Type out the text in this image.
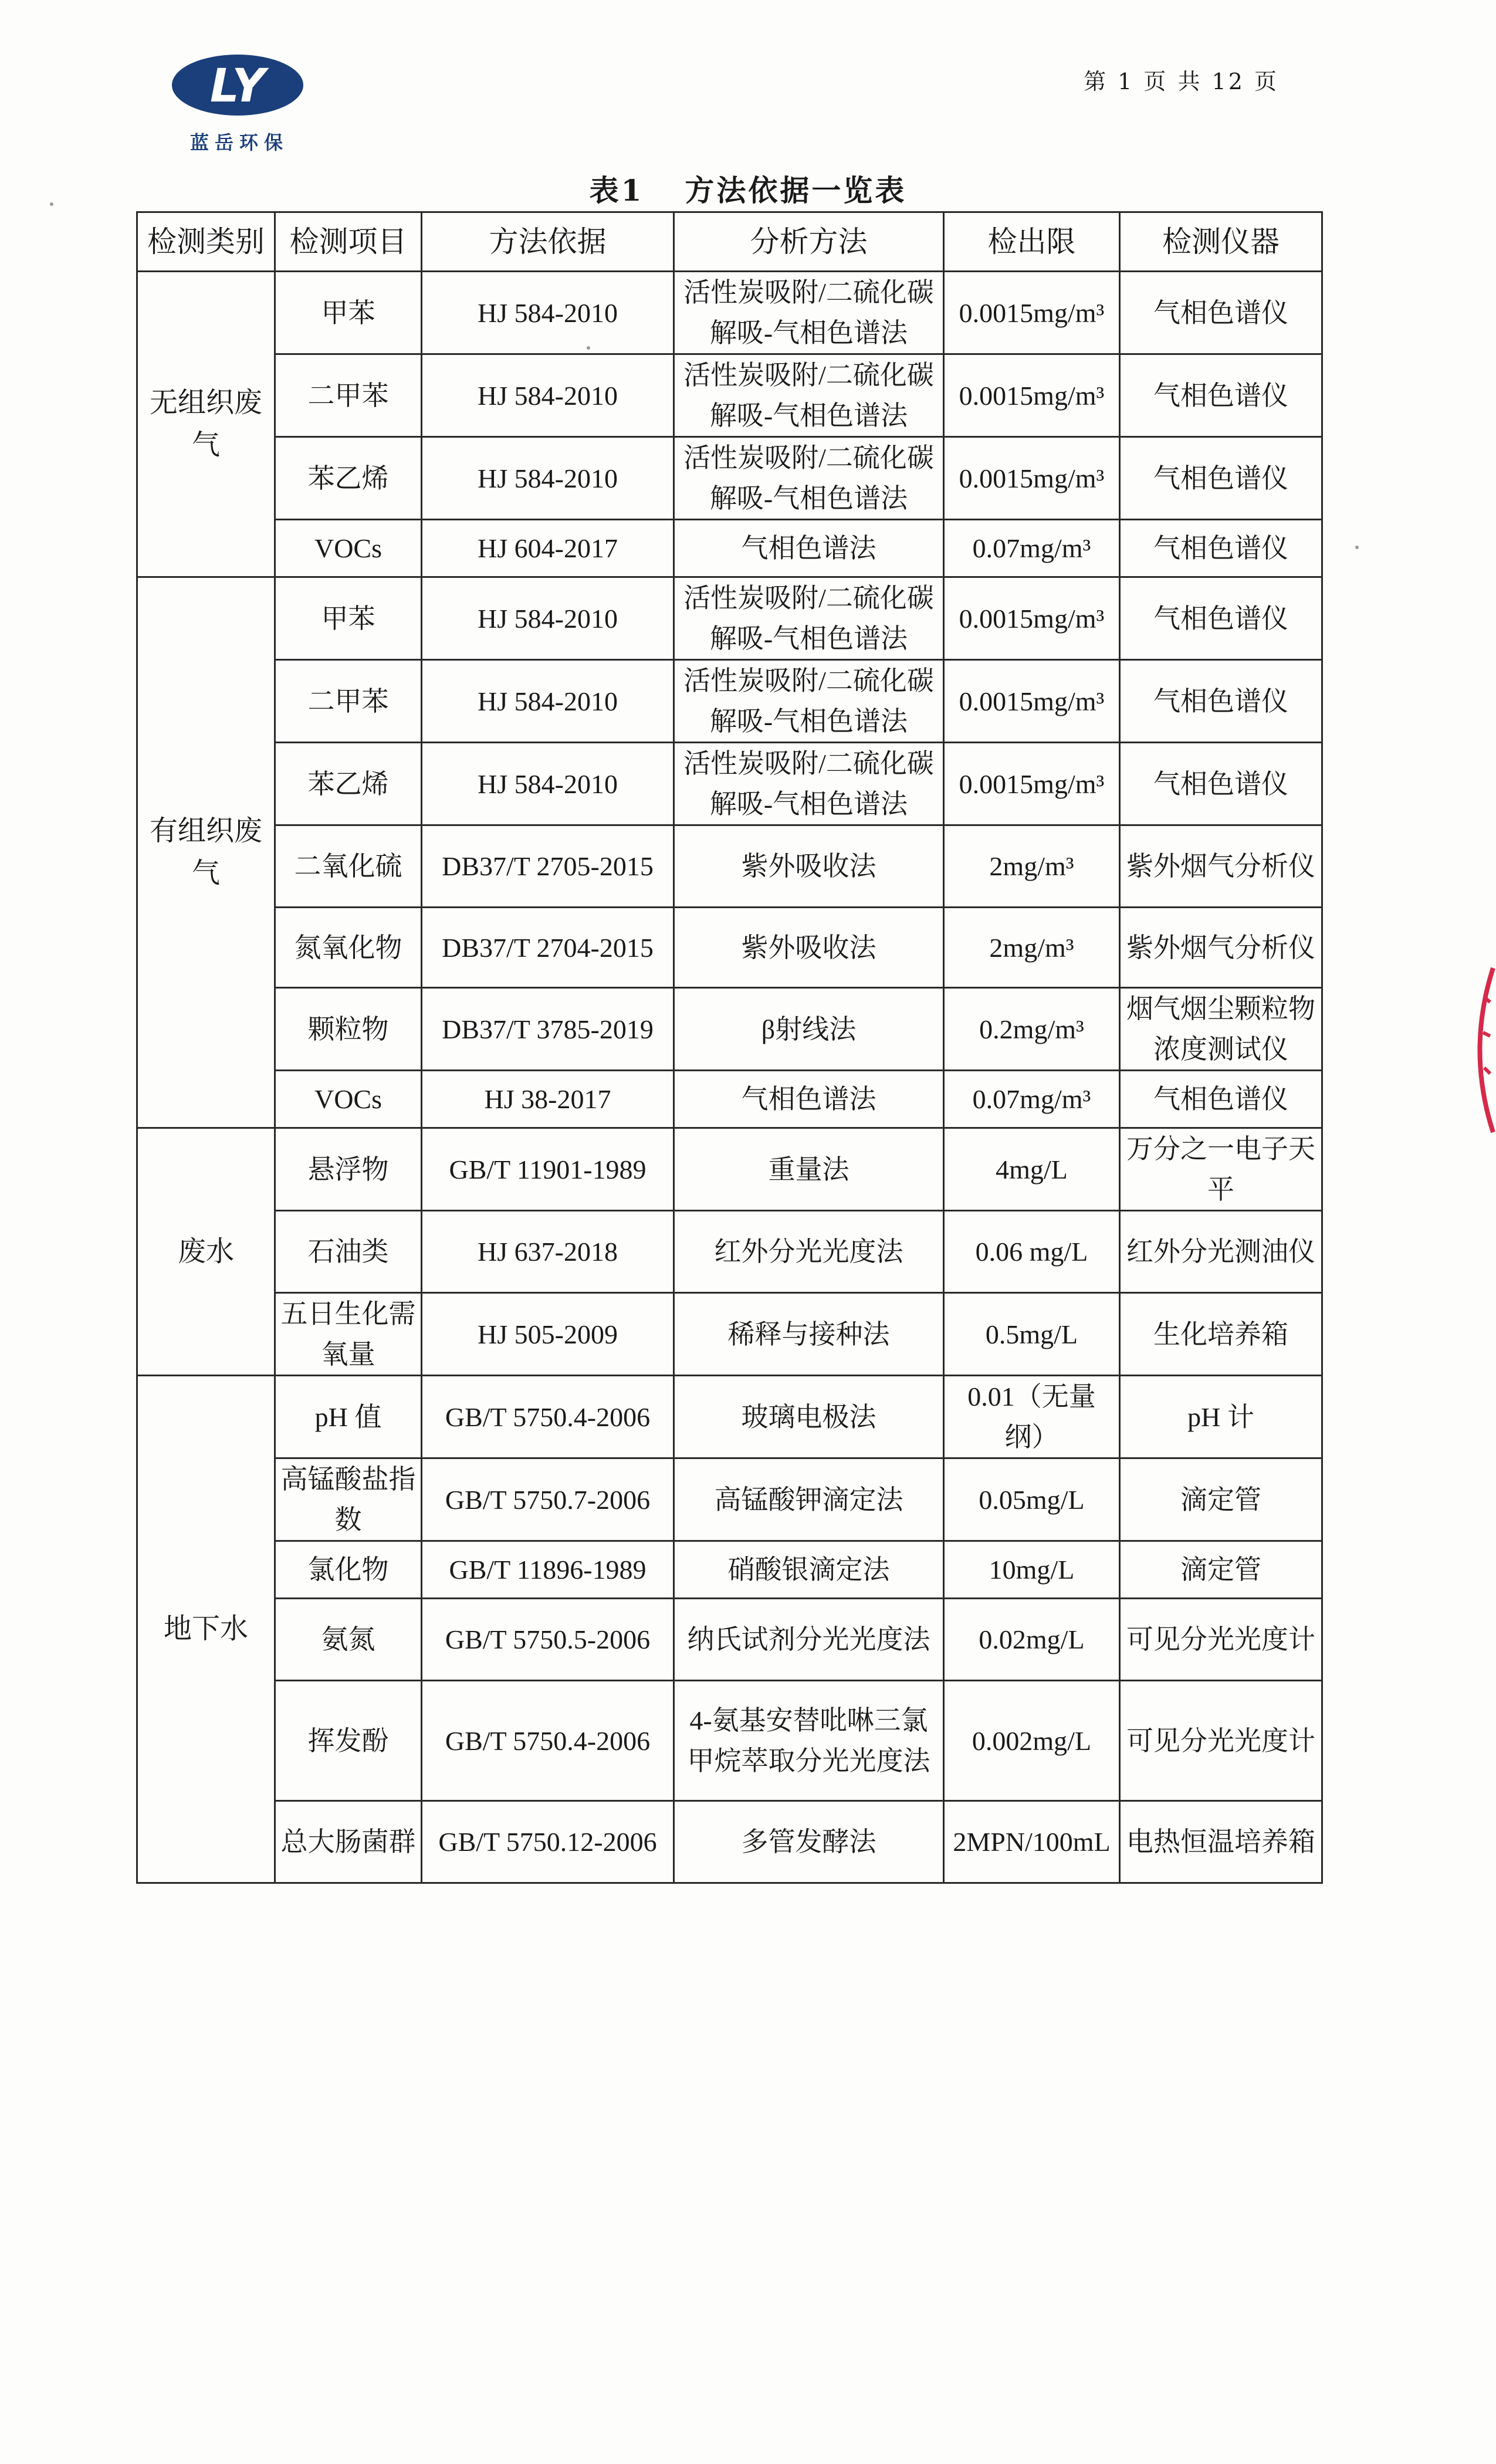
LY
蓝岳环保
第 1 页 共 12 页
表1 方法依据一览表
检测类别	检测项目	方法依据	分析方法	检出限	检测仪器
无组织废气	甲苯	HJ 584-2010	活性炭吸附/二硫化碳解吸-气相色谱法	0.0015mg/m³	气相色谱仪
	二甲苯	HJ 584-2010	活性炭吸附/二硫化碳解吸-气相色谱法	0.0015mg/m³	气相色谱仪
	苯乙烯	HJ 584-2010	活性炭吸附/二硫化碳解吸-气相色谱法	0.0015mg/m³	气相色谱仪
	VOCs	HJ 604-2017	气相色谱法	0.07mg/m³	气相色谱仪
有组织废气	甲苯	HJ 584-2010	活性炭吸附/二硫化碳解吸-气相色谱法	0.0015mg/m³	气相色谱仪
	二甲苯	HJ 584-2010	活性炭吸附/二硫化碳解吸-气相色谱法	0.0015mg/m³	气相色谱仪
	苯乙烯	HJ 584-2010	活性炭吸附/二硫化碳解吸-气相色谱法	0.0015mg/m³	气相色谱仪
	二氧化硫	DB37/T 2705-2015	紫外吸收法	2mg/m³	紫外烟气分析仪
	氮氧化物	DB37/T 2704-2015	紫外吸收法	2mg/m³	紫外烟气分析仪
	颗粒物	DB37/T 3785-2019	β射线法	0.2mg/m³	烟气烟尘颗粒物浓度测试仪
	VOCs	HJ 38-2017	气相色谱法	0.07mg/m³	气相色谱仪
废水	悬浮物	GB/T 11901-1989	重量法	4mg/L	万分之一电子天平
	石油类	HJ 637-2018	红外分光光度法	0.06 mg/L	红外分光测油仪
	五日生化需氧量	HJ 505-2009	稀释与接种法	0.5mg/L	生化培养箱
地下水	pH 值	GB/T 5750.4-2006	玻璃电极法	0.01（无量纲）	pH 计
	高锰酸盐指数	GB/T 5750.7-2006	高锰酸钾滴定法	0.05mg/L	滴定管
	氯化物	GB/T 11896-1989	硝酸银滴定法	10mg/L	滴定管
	氨氮	GB/T 5750.5-2006	纳氏试剂分光光度法	0.02mg/L	可见分光光度计
	挥发酚	GB/T 5750.4-2006	4-氨基安替吡啉三氯甲烷萃取分光光度法	0.002mg/L	可见分光光度计
	总大肠菌群	GB/T 5750.12-2006	多管发酵法	2MPN/100mL	电热恒温培养箱
